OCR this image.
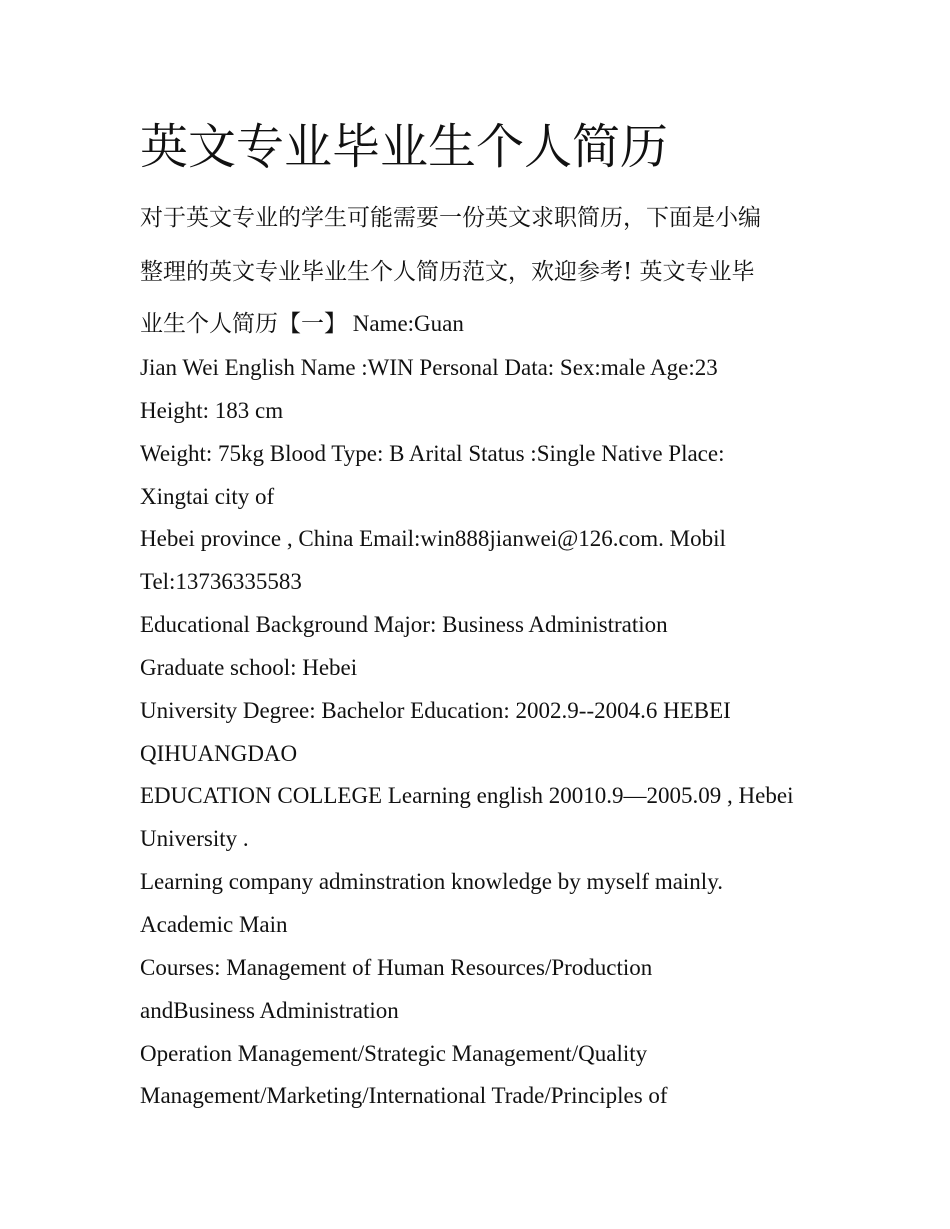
英文专业毕业生个人简历

对于英文专业的学生可能需要一份英文求职简历，下面是小编

整理的英文专业毕业生个人简历范文，欢迎参考! 英文专业毕

业生个人简历【一】 Name:Guan

Jian Wei English Name :WIN Personal Data: Sex:male Age:23

Height: 183 cm

Weight: 75kg Blood Type: B Arital Status :Single Native Place:

Xingtai city of

Hebei province , China Email:win888jianwei@126.com. Mobil

Tel:13736335583

Educational Background Major: Business Administration

Graduate school: Hebei

University Degree: Bachelor Education: 2002.9--2004.6 HEBEI

QIHUANGDAO

EDUCATION COLLEGE Learning english 20010.9—2005.09 , Hebei

University .

Learning company adminstration knowledge by myself mainly.

Academic Main

Courses: Management of Human Resources/Production

andBusiness Administration

Operation Management/Strategic Management/Quality

Management/Marketing/International Trade/Principles of
